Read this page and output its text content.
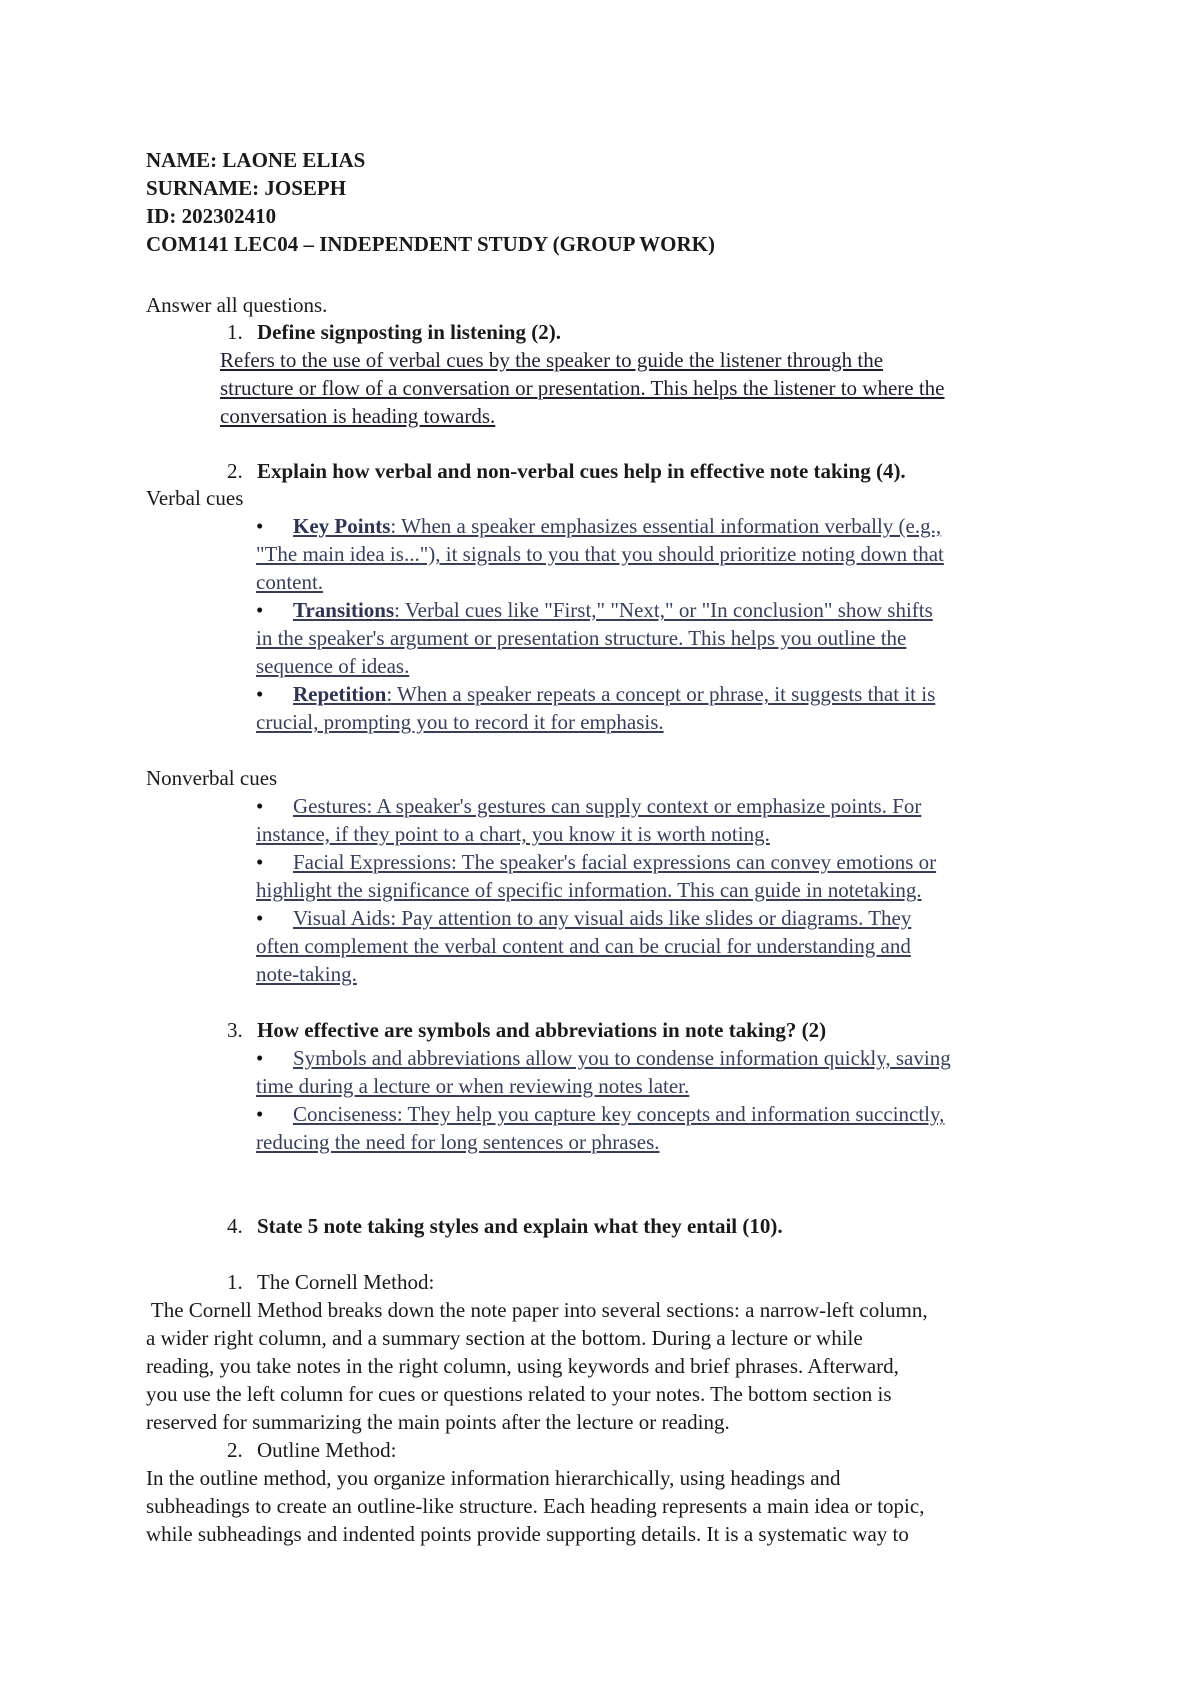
NAME: LAONE ELIAS
SURNAME: JOSEPH
ID: 202302410
COM141 LEC04 – INDEPENDENT STUDY (GROUP WORK)
Answer all questions.
1. Define signposting in listening (2).
Refers to the use of verbal cues by the speaker to guide the listener through the
structure or flow of a conversation or presentation. This helps the listener to where the
conversation is heading towards.
2. Explain how verbal and non-verbal cues help in effective note taking (4).
Verbal cues
• Key Points: When a speaker emphasizes essential information verbally (e.g.,
"The main idea is..."), it signals to you that you should prioritize noting down that
content.
• Transitions: Verbal cues like "First," "Next," or "In conclusion" show shifts
in the speaker's argument or presentation structure. This helps you outline the
sequence of ideas.
• Repetition: When a speaker repeats a concept or phrase, it suggests that it is
crucial, prompting you to record it for emphasis.
Nonverbal cues
• Gestures: A speaker's gestures can supply context or emphasize points. For
instance, if they point to a chart, you know it is worth noting.
• Facial Expressions: The speaker's facial expressions can convey emotions or
highlight the significance of specific information. This can guide in notetaking.
• Visual Aids: Pay attention to any visual aids like slides or diagrams. They
often complement the verbal content and can be crucial for understanding and
note-taking.
3. How effective are symbols and abbreviations in note taking? (2)
• Symbols and abbreviations allow you to condense information quickly, saving
time during a lecture or when reviewing notes later.
• Conciseness: They help you capture key concepts and information succinctly,
reducing the need for long sentences or phrases.
4. State 5 note taking styles and explain what they entail (10).
1. The Cornell Method:
The Cornell Method breaks down the note paper into several sections: a narrow-left column,
a wider right column, and a summary section at the bottom. During a lecture or while
reading, you take notes in the right column, using keywords and brief phrases. Afterward,
you use the left column for cues or questions related to your notes. The bottom section is
reserved for summarizing the main points after the lecture or reading.
2. Outline Method:
In the outline method, you organize information hierarchically, using headings and
subheadings to create an outline-like structure. Each heading represents a main idea or topic,
while subheadings and indented points provide supporting details. It is a systematic way to
